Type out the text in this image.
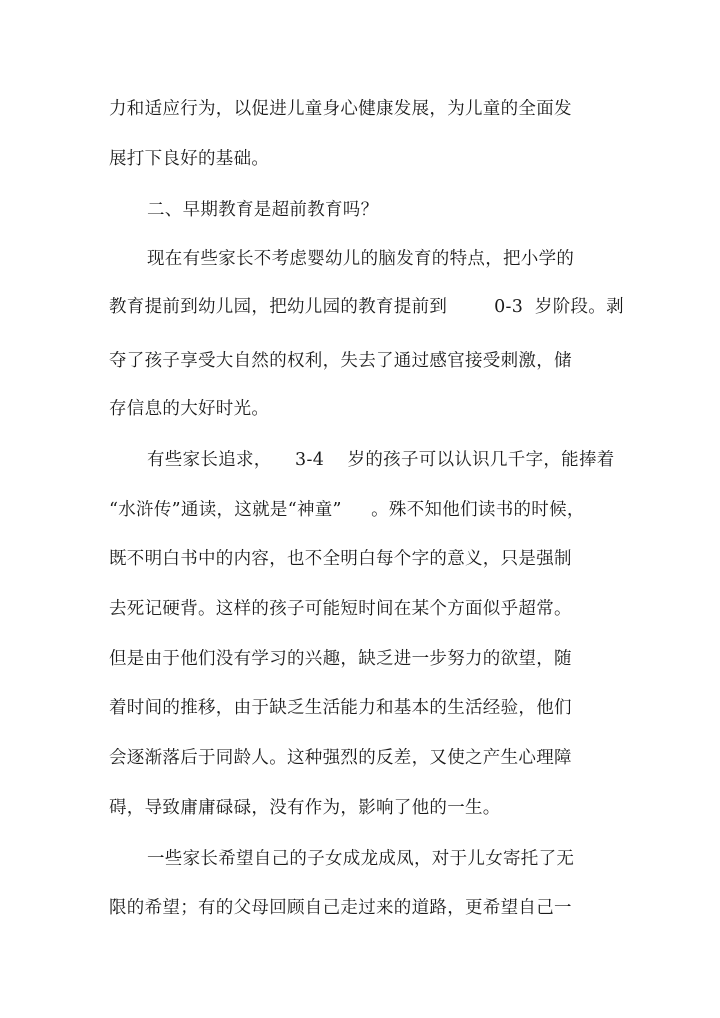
力和适应行为，以促进儿童身心健康发展，为儿童的全面发
展打下良好的基础。
二、早期教育是超前教育吗？
现在有些家长不考虑婴幼儿的脑发育的特点，把小学的
教育提前到幼儿园，把幼儿园的教育提前到        0-3  岁阶段。剥
夺了孩子享受大自然的权利，失去了通过感官接受刺激，储
存信息的大好时光。
有些家长追求，    3-4    岁的孩子可以认识几千字，能捧着
“水浒传”通读，这就是“神童”     。殊不知他们读书的时候，
既不明白书中的内容，也不全明白每个字的意义，只是强制
去死记硬背。这样的孩子可能短时间在某个方面似乎超常。
但是由于他们没有学习的兴趣，缺乏进一步努力的欲望，随
着时间的推移，由于缺乏生活能力和基本的生活经验，他们
会逐渐落后于同龄人。这种强烈的反差，又使之产生心理障
碍，导致庸庸碌碌，没有作为，影响了他的一生。
一些家长希望自己的子女成龙成凤，对于儿女寄托了无
限的希望；有的父母回顾自己走过来的道路，更希望自己一
